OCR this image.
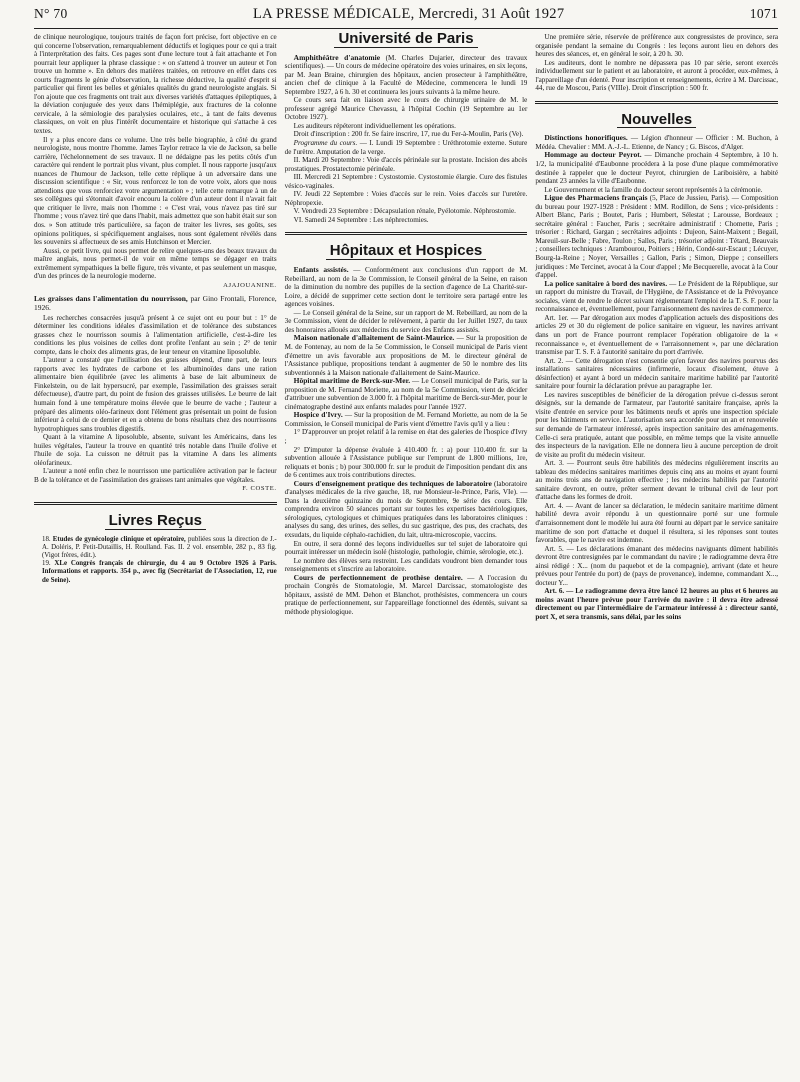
N° 70	LA PRESSE MÉDICALE, Mercredi, 31 Août 1927	1071

de clinique neurologique, toujours traités de façon fort précise, fort objective en ce qui concerne l'observation, remarquablement déductifs et logiques pour ce qui a trait à l'interprétation des faits. Ces pages sont d'une lecture tout à fait attachante et l'on pourrait leur appliquer la phrase classique : « on s'attend à trouver un auteur et l'on trouve un homme ». En dehors des matières traitées, on retrouve en effet dans ces courts fragments le génie d'observation, la richesse déductive, la qualité d'esprit si particulier qui firent les belles et géniales qualités du grand neurologiste anglais. Si l'on ajoute que ces fragments ont trait aux diverses variétés d'attaques épileptiques, à la déviation conjuguée des yeux dans l'hémiplégie, aux fractures de la colonne cervicale, à la sémiologie des paralysies oculaires, etc., à tant de faits devenus classiques, on voit en plus l'intérêt documentaire et historique qui s'attache à ces textes.

Il y a plus encore dans ce volume. Une très belle biographie, à côté du grand neurologiste, nous montre l'homme. James Taylor retrace la vie de Jackson, sa belle carrière, l'échelonnement de ses travaux. Il ne dédaigne pas les petits côtés d'un caractère qui rendent le portrait plus vivant, plus complet. Il nous rapporte jusqu'aux nuances de l'humour de Jackson, telle cette réplique à un adversaire dans une discussion scientifique : « Sir, vous renforcez le ton de votre voix, alors que nous attendions que vous renforciez votre argumentation » ; telle cette remarque à un de ses collègues qui s'étonnait d'avoir encouru la colère d'un auteur dont il n'avait fait que critiquer le livre, mais non l'homme : « C'est vrai, vous n'avez pas tiré sur l'homme ; vous n'avez tiré que dans l'habit, mais admettez que son habit était sur son dos. » Son attitude très particulière, sa façon de traiter les livres, ses goûts, ses opinions politiques, si spécifiquement anglaises, nous sont également révélés dans les souvenirs si affectueux de ses amis Hutchinson et Mercier.

Aussi, ce petit livre, qui nous permet de relire quelques-uns des beaux travaux du maître anglais, nous permet-il de voir en même temps se dégager en traits extrêmement sympathiques la belle figure, très vivante, et pas seulement un masque, d'un des princes de la neurologie moderne.

AJAJOUANINE.
Les graisses dans l'alimentation du nourrisson, par Gino Frontali, Florence, 1926.

Les recherches consacrées jusqu'à présent à ce sujet ont eu pour but : 1° de déterminer les conditions idéales d'assimilation et de tolérance des substances grasses chez le nourrisson soumis à l'alimentation artificielle, c'est-à-dire les conditions les plus voisines de celles dont profite l'enfant au sein ; 2° de tenir compte, dans le choix des aliments gras, de leur teneur en vitamine liposoluble.

L'auteur a constaté que l'utilisation des graisses dépend, d'une part, de leurs rapports avec les hydrates de carbone et les albuminoïdes dans une ration alimentaire bien équilibrée (avec les aliments à base de lait albumineux de Finkelstein, ou de lait hypersucré, par exemple, l'assimilation des graisses serait défectueuse), d'autre part, du point de fusion des graisses utilisées. Le beurre de lait humain fond à une température moins élevée que le beurre de vache ; l'auteur a préparé des aliments oléo-farineux dont l'élément gras présentait un point de fusion inférieur à celui de ce dernier et en a obtenu de bons résultats chez des nourrissons hypotrophiques sans troubles digestifs.

Quant à la vitamine A liposoluble, absente, suivant les Américains, dans les huiles végétales, l'auteur la trouve en quantité très notable dans l'huile d'olive et l'huile de soja. La cuisson ne détruit pas la vitamine A dans les aliments oléofarineux.

L'auteur a noté enfin chez le nourrisson une particulière activation par le facteur B de la tolérance et de l'assimilation des graisses tant animales que végétales.

F. COSTE.
Livres Reçus

18. Etudes de gynécologie clinique et opératoire, publiées sous la direction de J.-A. Doléris, P. Petit-Dutaillis, H. Roulland. Fas. II. 2 vol. ensemble, 282 p., 83 fig. (Vigot frères, édit.).

19. XLe Congrès français de chirurgie, du 4 au 9 Octobre 1926 à Paris. Informations et rapports. 354 p., avec fig (Secrétariat de l'Association, 12, rue de Seine).

Université de Paris

Amphithéâtre d'anatomie (M. Charles Dujarier, directeur des travaux scientifiques). — Un cours de médecine opératoire des voies urinaires, en six leçons, par M. Jean Braine, chirurgien des hôpitaux, ancien prosecteur à l'amphithéâtre, ancien chef de clinique à la Faculté de Médecine, commencera le lundi 19 Septembre 1927, à 6 h. 30 et continuera les jours suivants à la même heure.

Ce cours sera fait en liaison avec le cours de chirurgie urinaire de M. le professeur agrégé Maurice Chevassu, à l'hôpital Cochin (19 Septembre au 1er Octobre 1927).

Les auditeurs répéteront individuellement les opérations.

Droit d'inscription : 200 fr. Se faire inscrire, 17, rue du Fer-à-Moulin, Paris (Ve).

Programme du cours. — I. Lundi 19 Septembre : Uréthrotomie externe. Suture de l'urètre. Amputation de la verge.

II. Mardi 20 Septembre : Voie d'accès périnéale sur la prostate. Incision des abcès prostatiques. Prostatectomie périnéale.

III. Mercredi 21 Septembre : Cystostomie. Cystostomie élargie. Cure des fistules vésico-vaginales.

IV. Jeudi 22 Septembre : Voies d'accès sur le rein. Voies d'accès sur l'uretère. Néphropexie.

V. Vendredi 23 Septembre : Décapsulation rénale, Pyélotomie. Néphrostomie.

VI. Samedi 24 Septembre : Les néphrectomies.

Hôpitaux et Hospices

Enfants assistés. — Conformément aux conclusions d'un rapport de M. Rebeillard, au nom de la 3e Commission, le Conseil général de la Seine, en raison de la diminution du nombre des pupilles de la section d'agence de La Charité-sur-Loire, a décidé de supprimer cette section dont le territoire sera partagé entre les agences voisines.

— Le Conseil général de la Seine, sur un rapport de M. Rebeillard, au nom de la 3e Commission, vient de décider le relèvement, à partir du 1er Juillet 1927, du taux des honoraires alloués aux médecins du service des Enfants assistés.

Maison nationale d'allaitement de Saint-Maurice. — Sur la proposition de M. de Fontenay, au nom de la 5e Commission, le Conseil municipal de Paris vient d'émettre un avis favorable aux propositions de M. le directeur général de l'Assistance publique, propositions tendant à augmenter de 50 le nombre des lits subventionnés à la Maison nationale d'allaitement de Saint-Maurice.

Hôpital maritime de Berck-sur-Mer. — Le Conseil municipal de Paris, sur la proposition de M. Fernand Moriette, au nom de la 5e Commission, vient de décider d'attribuer une subvention de 3.000 fr. à l'hôpital maritime de Berck-sur-Mer, pour le cinématographe destiné aux enfants malades pour l'année 1927.

Hospice d'Ivry. — Sur la proposition de M. Fernand Moriette, au nom de la 5e Commission, le Conseil municipal de Paris vient d'émettre l'avis qu'il y a lieu :

1° D'approuver un projet relatif à la remise en état des galeries de l'hospice d'Ivry ;

2° D'imputer la dépense évaluée à 410.400 fr. : a) pour 110.400 fr. sur la subvention allouée à l'Assistance publique sur l'emprunt de 1.800 millions, 1re, reliquats et bonis ; b) pour 300.000 fr. sur le produit de l'imposition pendant dix ans de 6 centimes aux trois contributions directes.

Cours d'enseignement pratique des techniques de laboratoire (laboratoire d'analyses médicales de la rive gauche, 18, rue Monsieur-le-Prince, Paris, VIe). — Dans la deuxième quinzaine du mois de Septembre, 9e série des cours. Elle comprendra environ 50 séances portant sur toutes les expertises bactériologiques, sérologiques, cytologiques et chimiques pratiquées dans les laboratoires cliniques : analyses du sang, des urines, des selles, du suc gastrique, des pus, des crachats, des exsudats, du liquide céphalo-rachidien, du lait, ultra-microscopie, vaccins.

En outre, il sera donné des leçons individuelles sur tel sujet de laboratoire qui pourrait intéresser un médecin isolé (histologie, pathologie, chimie, sérologie, etc.).

Le nombre des élèves sera restreint. Les candidats voudront bien demander tous renseignements et s'inscrire au laboratoire.

Cours de perfectionnement de prothèse dentaire. — A l'occasion du prochain Congrès de Stomatologie, M. Marcel Darcissac, stomatologiste des hôpitaux, assisté de MM. Dehon et Blanchot, prothésistes, commencera un cours pratique de perfectionnement, sur l'appareillage fonctionnel des édentés, suivant sa méthode physiologique.

Une première série, réservée de préférence aux congressistes de province, sera organisée pendant la semaine du Congrès : les leçons auront lieu en dehors des heures des séances, et, en général le soir, à 20 h. 30.

Les auditeurs, dont le nombre ne dépassera pas 10 par série, seront exercés individuellement sur le patient et au laboratoire, et auront à procéder, eux-mêmes, à l'appareillage d'un édenté. Pour inscription et renseignements, écrire à M. Darcissac, 44, rue de Moscou, Paris (VIIIe). Droit d'inscription : 500 fr.

Nouvelles

Distinctions honorifiques. — Légion d'honneur — Officier : M. Buchon, à Médéa. Chevalier : MM. A.-J.-L. Etienne, de Nancy ; G. Biscos, d'Alger.

Hommage au docteur Peyrot. — Dimanche prochain 4 Septembre, à 10 h. 1/2, la municipalité d'Eaubonne procédera à la pose d'une plaque commémorative destinée à rappeler que le docteur Peyrot, chirurgien de Lariboisière, a habité pendant 23 années la ville d'Eaubonne.

Le Gouvernement et la famille du docteur seront représentés à la cérémonie.

Ligue des Pharmaciens français (5, Place de Jussieu, Paris). — Composition du bureau pour 1927-1928 : Président : MM. Rodillon, de Sens ; vice-présidents : Albert Blanc, Paris ; Boutet, Paris ; Humbert, Sélestat ; Larousse, Bordeaux ; secrétaire général : Faucher, Paris ; secrétaire administratif : Chomette, Paris ; trésorier : Richard, Gargan ; secrétaires adjoints : Dujeon, Saint-Maixent ; Begail, Mareuil-sur-Belle ; Fabre, Toulon ; Salles, Paris ; trésorier adjoint : Tétard, Beauvais ; conseillers techniques : Arambourou, Poitiers ; Hérin, Condé-sur-Escaut ; Lécuyer, Bourg-la-Reine ; Noyer, Versailles ; Gallon, Paris ; Simon, Dieppe ; conseillers juridiques : Me Tercinet, avocat à la Cour d'appel ; Me Becquerelle, avocat à la Cour d'appel.

La police sanitaire à bord des navires. — Le Président de la République, sur un rapport du ministre du Travail, de l'Hygiène, de l'Assistance et de la Prévoyance sociales, vient de rendre le décret suivant réglementant l'emploi de la T. S. F. pour la reconnaissance et, éventuellement, pour l'arraisonnement des navires de commerce.

Art. 1er. — Par dérogation aux modes d'application actuels des dispositions des articles 29 et 30 du règlement de police sanitaire en vigueur, les navires arrivant dans un port de France pourront remplacer l'opération obligatoire de la « reconnaissance », et éventuellement de « l'arraisonnement », par une déclaration transmise par T. S. F. à l'autorité sanitaire du port d'arrivée.

Art. 2. — Cette dérogation n'est consentie qu'en faveur des navires pourvus des installations sanitaires nécessaires (infirmerie, locaux d'isolement, étuve à désinfection) et ayant à bord un médecin sanitaire maritime habilité par l'autorité sanitaire pour fournir la déclaration prévue au paragraphe 1er.

Les navires susceptibles de bénéficier de la dérogation prévue ci-dessus seront désignés, sur la demande de l'armateur, par l'autorité sanitaire française, après la visite d'entrée en service pour les bâtiments neufs et après une inspection spéciale pour les bâtiments en service. L'autorisation sera accordée pour un an et renouvelée sur demande de l'armateur intéressé, après inspection sanitaire des aménagements. Celle-ci sera pratiquée, autant que possible, en même temps que la visite annuelle des inspecteurs de la navigation. Elle ne donnera lieu à aucune perception de droit de visite au profit du médecin visiteur.

Art. 3. — Pourront seuls être habilités des médecins régulièrement inscrits au tableau des médecins sanitaires maritimes depuis cinq ans au moins et ayant fourni au moins trois ans de navigation effective ; les médecins habilités par l'autorité sanitaire devront, en outre, prêter serment devant le tribunal civil de leur port d'attache dans les formes de droit.

Art. 4. — Avant de lancer sa déclaration, le médecin sanitaire maritime dûment habilité devra avoir répondu à un questionnaire porté sur une formule d'arraisonnement dont le modèle lui aura été fourni au départ par le service sanitaire maritime de son port d'attache et duquel il résultera, si les réponses sont toutes favorables, que le navire est indemne.

Art. 5. — Les déclarations émanant des médecins naviguants dûment habilités devront être contresignées par le commandant du navire ; le radiogramme devra être ainsi rédigé : X... (nom du paquebot et de la compagnie), arrivant (date et heure prévues pour l'entrée du port) de (pays de provenance), indemne, commandant X..., docteur Y...

Art. 6. — Le radiogramme devra être lancé 12 heures au plus et 6 heures au moins avant l'heure prévue pour l'arrivée du navire : il devra être adressé directement ou par l'intermédiaire de l'armateur intéressé à : directeur santé, port X, et sera transmis, sans délai, par les soins
